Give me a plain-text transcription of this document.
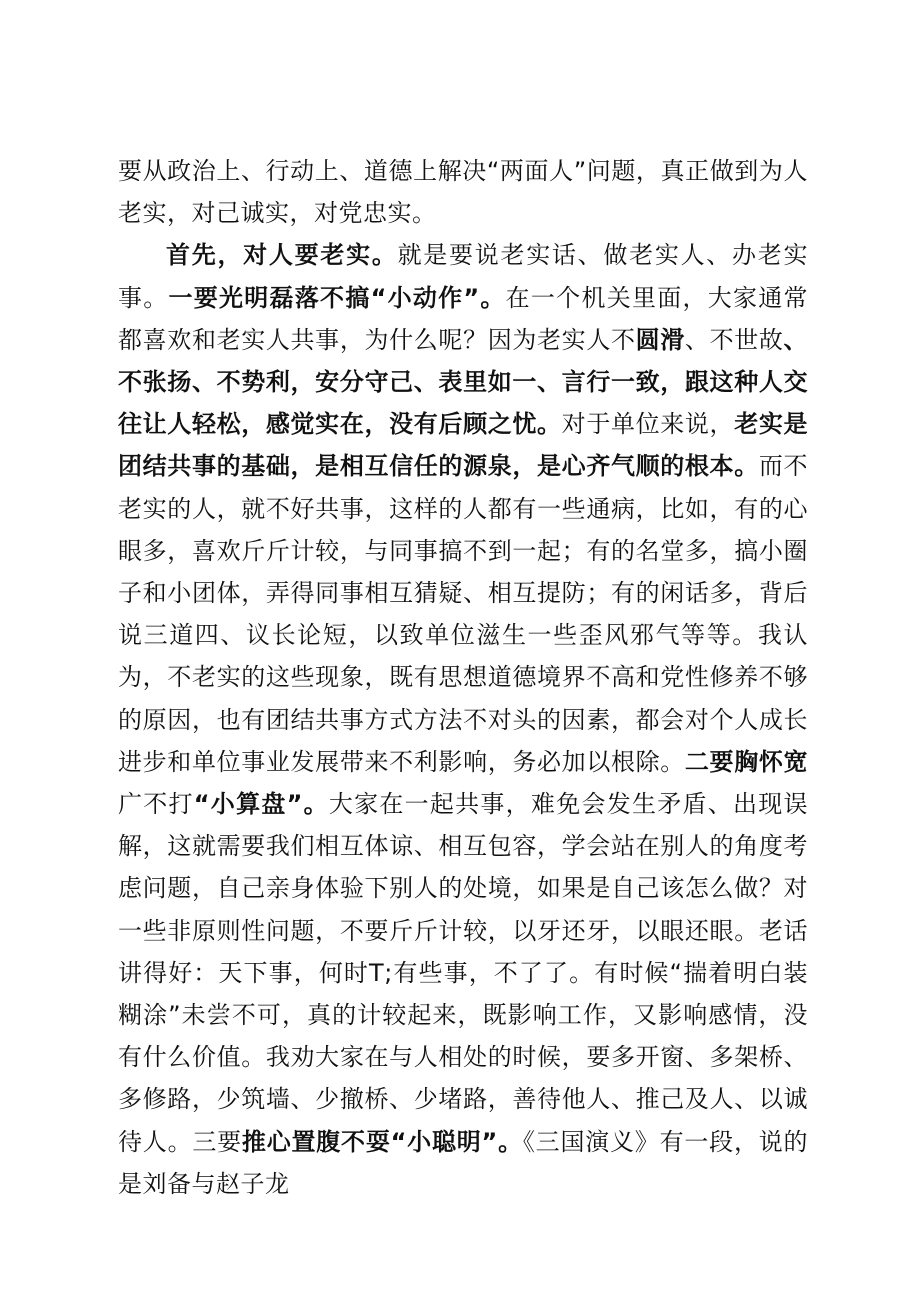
要从政治上、行动上、道德上解决“两面人”问题，真正做到为人老实，对己诚实，对党忠实。

首先，对人要老实。就是要说老实话、做老实人、办老实事。一要光明磊落不搞“小动作”。在一个机关里面，大家通常都喜欢和老实人共事，为什么呢？因为老实人不圆滑、不世故、不张扬、不势利，安分守己、表里如一、言行一致，跟这种人交往让人轻松，感觉实在，没有后顾之忧。对于单位来说，老实是团结共事的基础，是相互信任的源泉，是心齐气顺的根本。而不老实的人，就不好共事，这样的人都有一些通病，比如，有的心眼多，喜欢斤斤计较，与同事搞不到一起；有的名堂多，搞小圈子和小团体，弄得同事相互猜疑、相互提防；有的闲话多，背后说三道四、议长论短，以致单位滋生一些歪风邪气等等。我认为，不老实的这些现象，既有思想道德境界不高和党性修养不够的原因，也有团结共事方式方法不对头的因素，都会对个人成长进步和单位事业发展带来不利影响，务必加以根除。二要胸怀宽广不打“小算盘”。大家在一起共事，难免会发生矛盾、出现误解，这就需要我们相互体谅、相互包容，学会站在别人的角度考虑问题，自己亲身体验下别人的处境，如果是自己该怎么做？对一些非原则性问题，不要斤斤计较，以牙还牙，以眼还眼。老话讲得好：天下事，何时T;有些事，不了了。有时候“揣着明白装糊涂”未尝不可，真的计较起来，既影响工作，又影响感情，没有什么价值。我劝大家在与人相处的时候，要多开窗、多架桥、多修路，少筑墙、少撤桥、少堵路，善待他人、推己及人、以诚待人。三要推心置腹不耍“小聪明”。《三国演义》有一段，说的是刘备与赵子龙
